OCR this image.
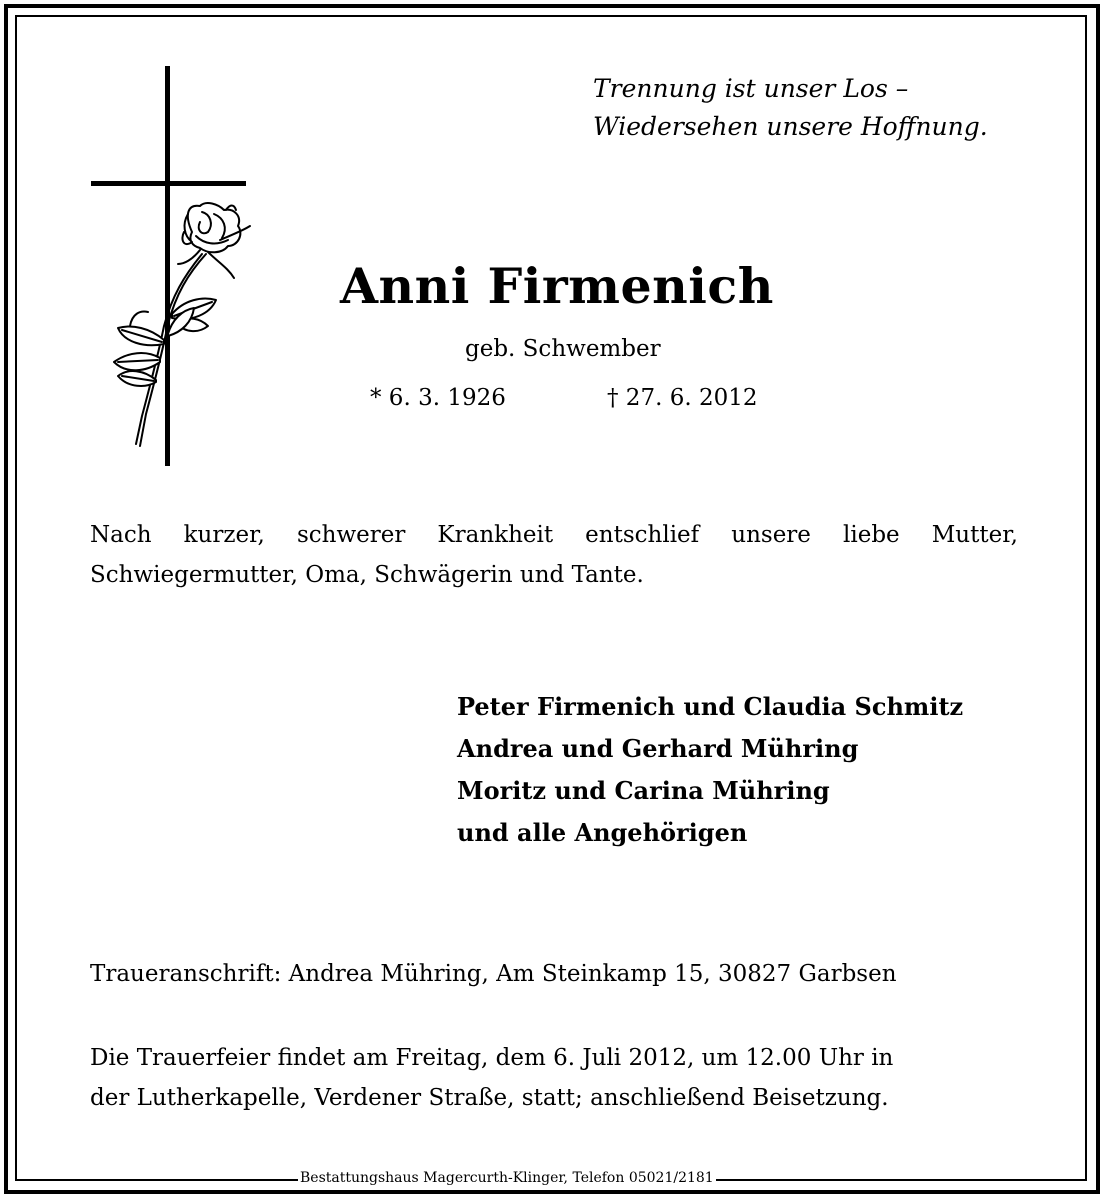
Trennung ist unser Los –
Wiedersehen unsere Hoffnung.
Anni Firmenich
geb. Schwember
* 6. 3. 1926	† 27. 6. 2012
Nach kurzer, schwerer Krankheit entschlief unsere liebe Mutter,
Schwiegermutter, Oma, Schwägerin und Tante.
Peter Firmenich und Claudia Schmitz
Andrea und Gerhard Mühring
Moritz und Carina Mühring
und alle Angehörigen
Traueranschrift: Andrea Mühring, Am Steinkamp 15, 30827 Garbsen
Die Trauerfeier findet am Freitag, dem 6. Juli 2012, um 12.00 Uhr in
der Lutherkapelle, Verdener Straße, statt; anschließend Beisetzung.
Bestattungshaus Magercurth-Klinger, Telefon 05021/2181
